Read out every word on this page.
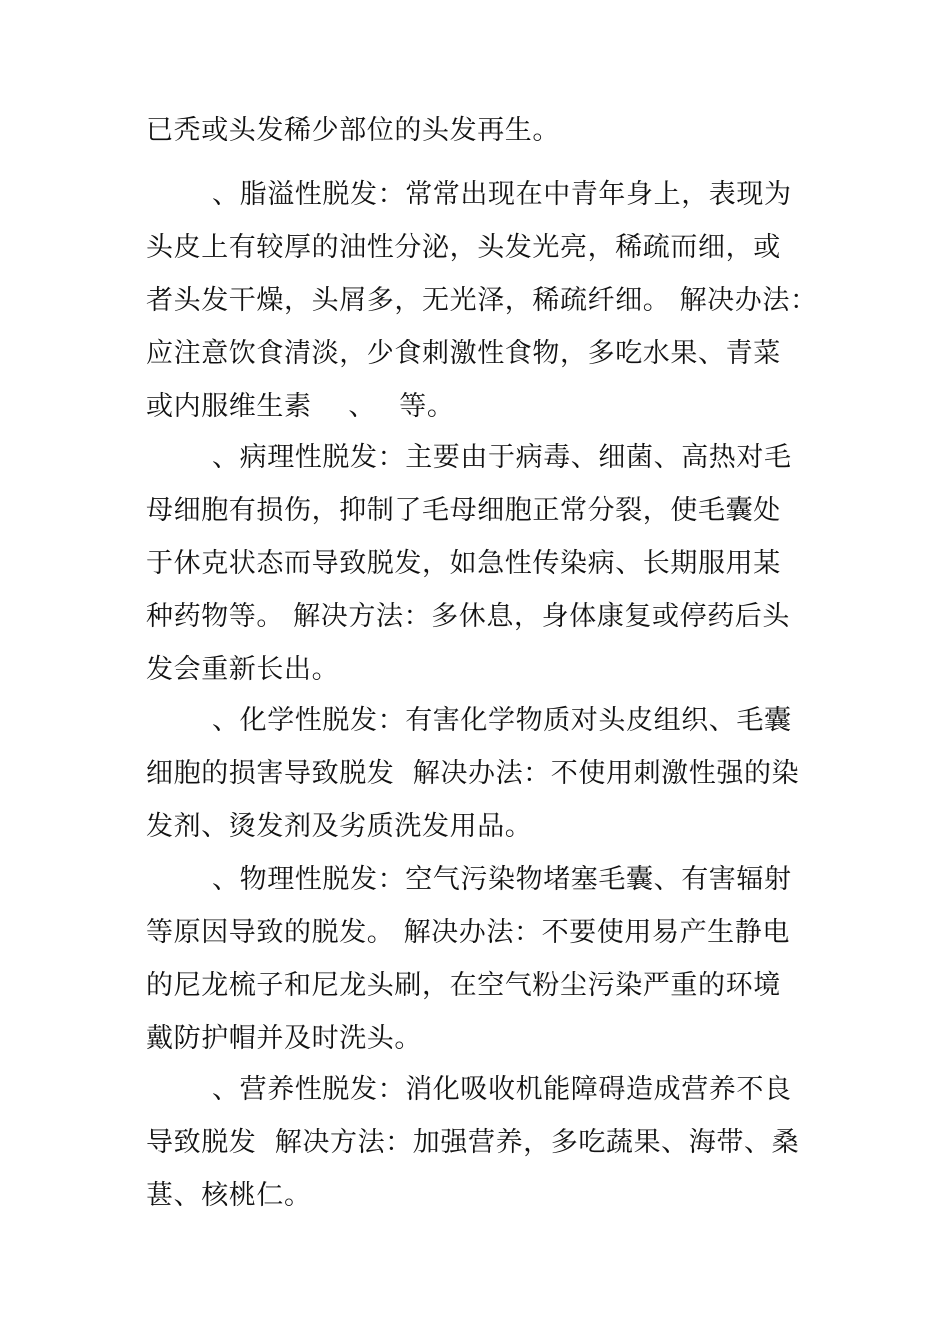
已秃或头发稀少部位的头发再生。
、脂溢性脱发：常常出现在中青年身上，表现为
头皮上有较厚的油性分泌，头发光亮，稀疏而细，或
者头发干燥，头屑多，无光泽，稀疏纤细。 解决办法：
应注意饮食清淡，少食刺激性食物，多吃水果、青菜
或内服维生素　 、　 等。
、病理性脱发：主要由于病毒、细菌、高热对毛
母细胞有损伤，抑制了毛母细胞正常分裂，使毛囊处
于休克状态而导致脱发，如急性传染病、长期服用某
种药物等。 解决方法：多休息，身体康复或停药后头
发会重新长出。
、化学性脱发：有害化学物质对头皮组织、毛囊
细胞的损害导致脱发  解决办法：不使用刺激性强的染
发剂、烫发剂及劣质洗发用品。
、物理性脱发：空气污染物堵塞毛囊、有害辐射
等原因导致的脱发。 解决办法：不要使用易产生静电
的尼龙梳子和尼龙头刷，在空气粉尘污染严重的环境
戴防护帽并及时洗头。
、营养性脱发：消化吸收机能障碍造成营养不良
导致脱发  解决方法：加强营养，多吃蔬果、海带、桑
葚、核桃仁。
